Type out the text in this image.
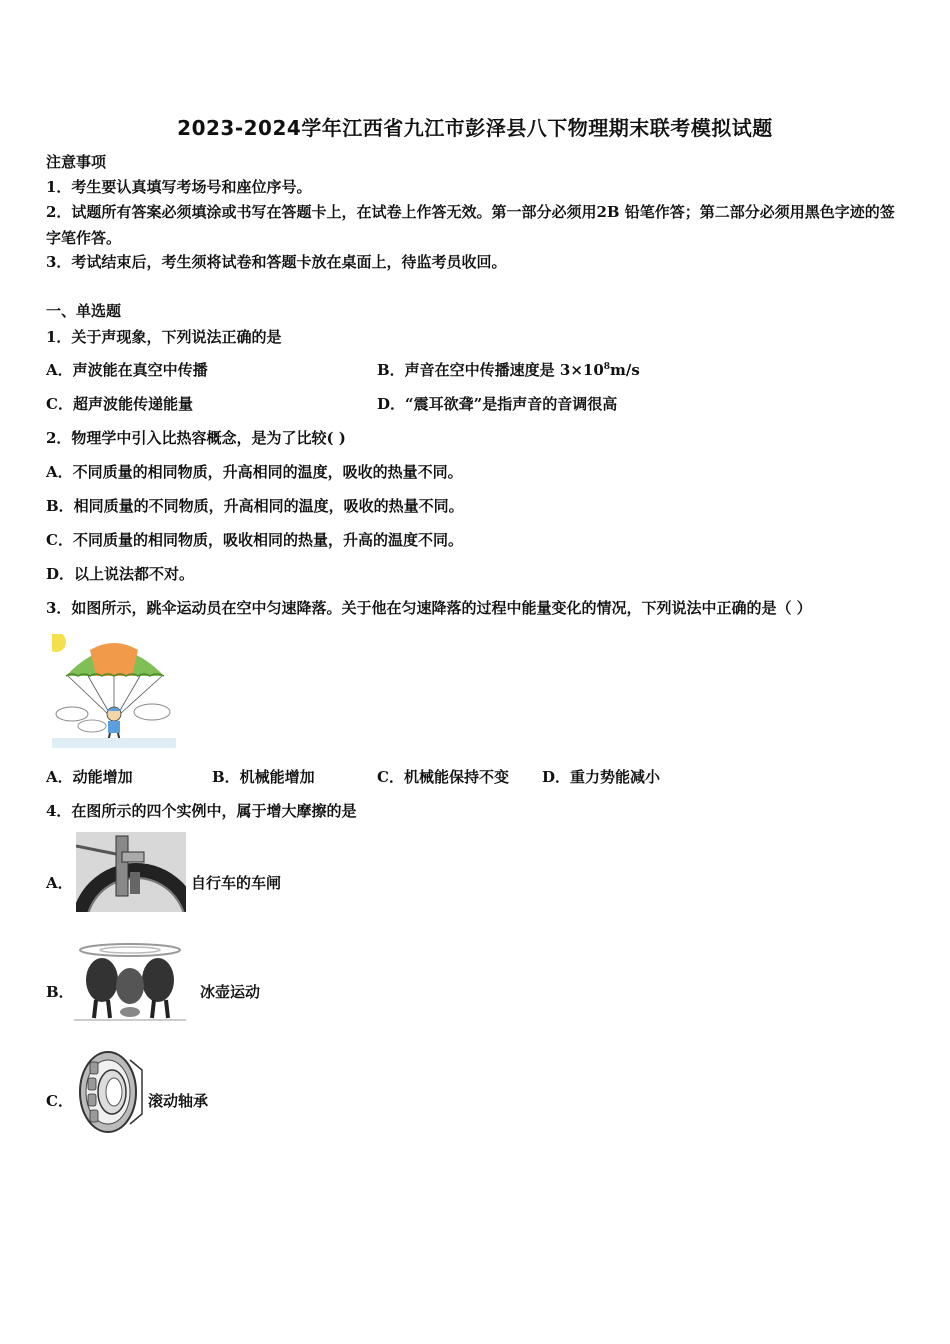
2023-2024学年江西省九江市彭泽县八下物理期末联考模拟试题
注意事项
1．考生要认真填写考场号和座位序号。
2．试题所有答案必须填涂或书写在答题卡上，在试卷上作答无效。第一部分必须用2B 铅笔作答；第二部分必须用黑色字迹的签字笔作答。
3．考试结束后，考生须将试卷和答题卡放在桌面上，待监考员收回。
一、单选题
1．关于声现象，下列说法正确的是
A．声波能在真空中传播	B．声音在空中传播速度是 $3\times 10^8m/s$
C．超声波能传递能量	D．“震耳欲聋”是指声音的音调很高
2．物理学中引入比热容概念，是为了比较( )
A．不同质量的相同物质，升高相同的温度，吸收的热量不同。
B．相同质量的不同物质，升高相同的温度，吸收的热量不同。
C．不同质量的相同物质，吸收相同的热量，升高的温度不同。
D．以上说法都不对。
3．如图所示，跳伞运动员在空中匀速降落。关于他在匀速降落的过程中能量变化的情况，下列说法中正确的是（ ）
A．动能增加	B．机械能增加	C．机械能保持不变 D．重力势能减小
4．在图所示的四个实例中，属于增大摩擦的是
A．	自行车的车闸
B．	冰壶运动
C．	滚动轴承
